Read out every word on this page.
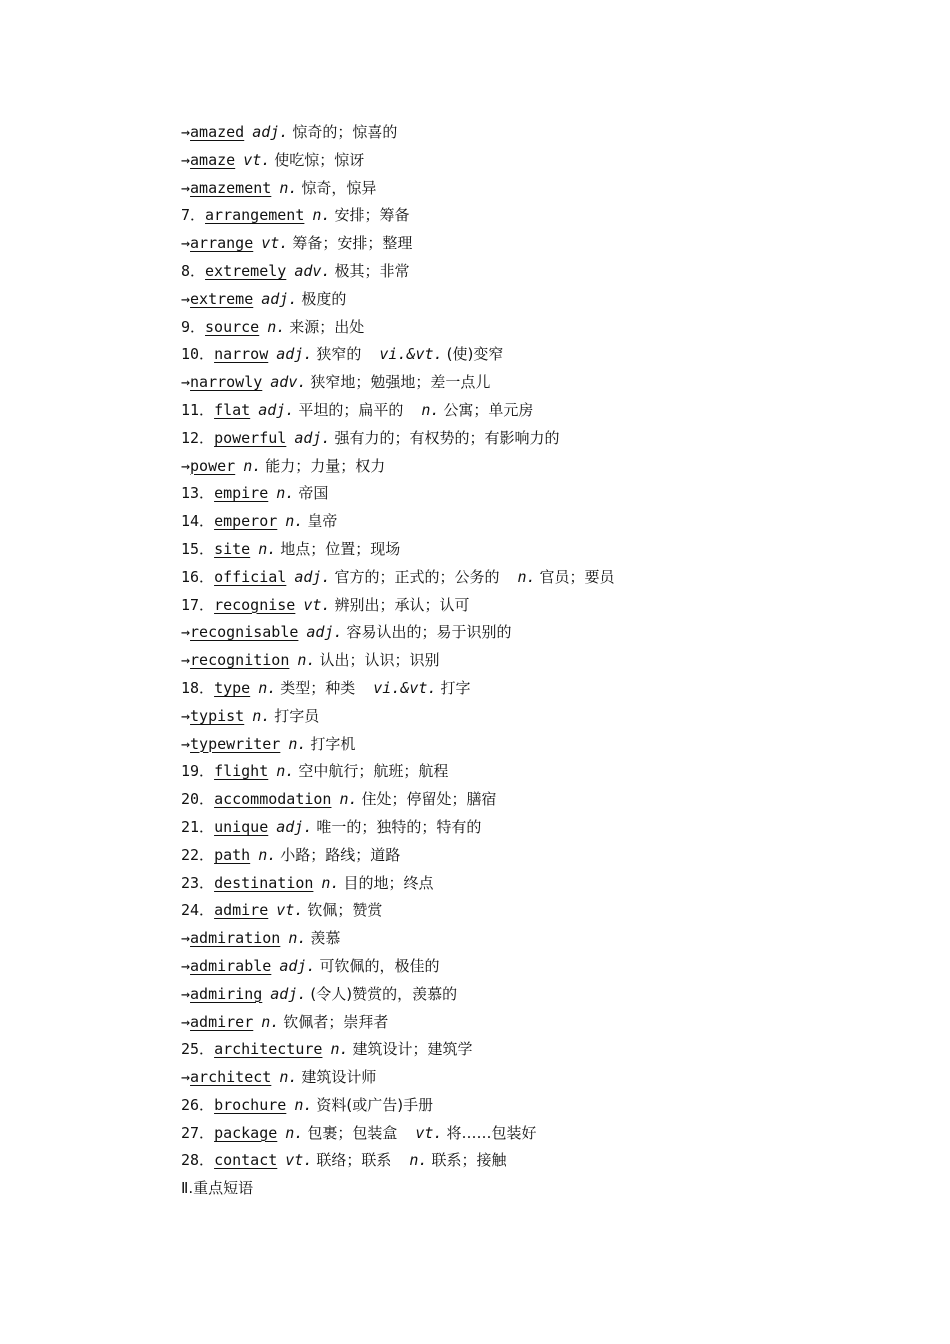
→amazed adj. 惊奇的；惊喜的
→amaze vt. 使吃惊；惊讶
→amazement n. 惊奇，惊异
7．arrangement n. 安排；筹备
→arrange vt. 筹备；安排；整理
8．extremely adv. 极其；非常
→extreme adj. 极度的
9．source n. 来源；出处
10．narrow adj. 狭窄的 vi.&vt. (使)变窄
→narrowly adv. 狭窄地；勉强地；差一点儿
11．flat adj. 平坦的；扁平的 n. 公寓；单元房
12．powerful adj. 强有力的；有权势的；有影响力的
→power n. 能力；力量；权力
13．empire n. 帝国
14．emperor n. 皇帝
15．site n. 地点；位置；现场
16．official adj. 官方的；正式的；公务的 n. 官员；要员
17．recognise vt. 辨别出；承认；认可
→recognisable adj. 容易认出的；易于识别的
→recognition n. 认出；认识；识别
18．type n. 类型；种类 vi.&vt. 打字
→typist n. 打字员
→typewriter n. 打字机
19．flight n. 空中航行；航班；航程
20．accommodation n. 住处；停留处；膳宿
21．unique adj. 唯一的；独特的；特有的
22．path n. 小路；路线；道路
23．destination n. 目的地；终点
24．admire vt. 钦佩；赞赏
→admiration n. 羡慕
→admirable adj. 可钦佩的，极佳的
→admiring adj. (令人)赞赏的，羡慕的
→admirer n. 钦佩者；崇拜者
25．architecture n. 建筑设计；建筑学
→architect n. 建筑设计师
26．brochure n. 资料(或广告)手册
27．package n. 包裹；包装盒 vt. 将……包装好
28．contact vt. 联络；联系 n. 联系；接触
Ⅱ.重点短语
